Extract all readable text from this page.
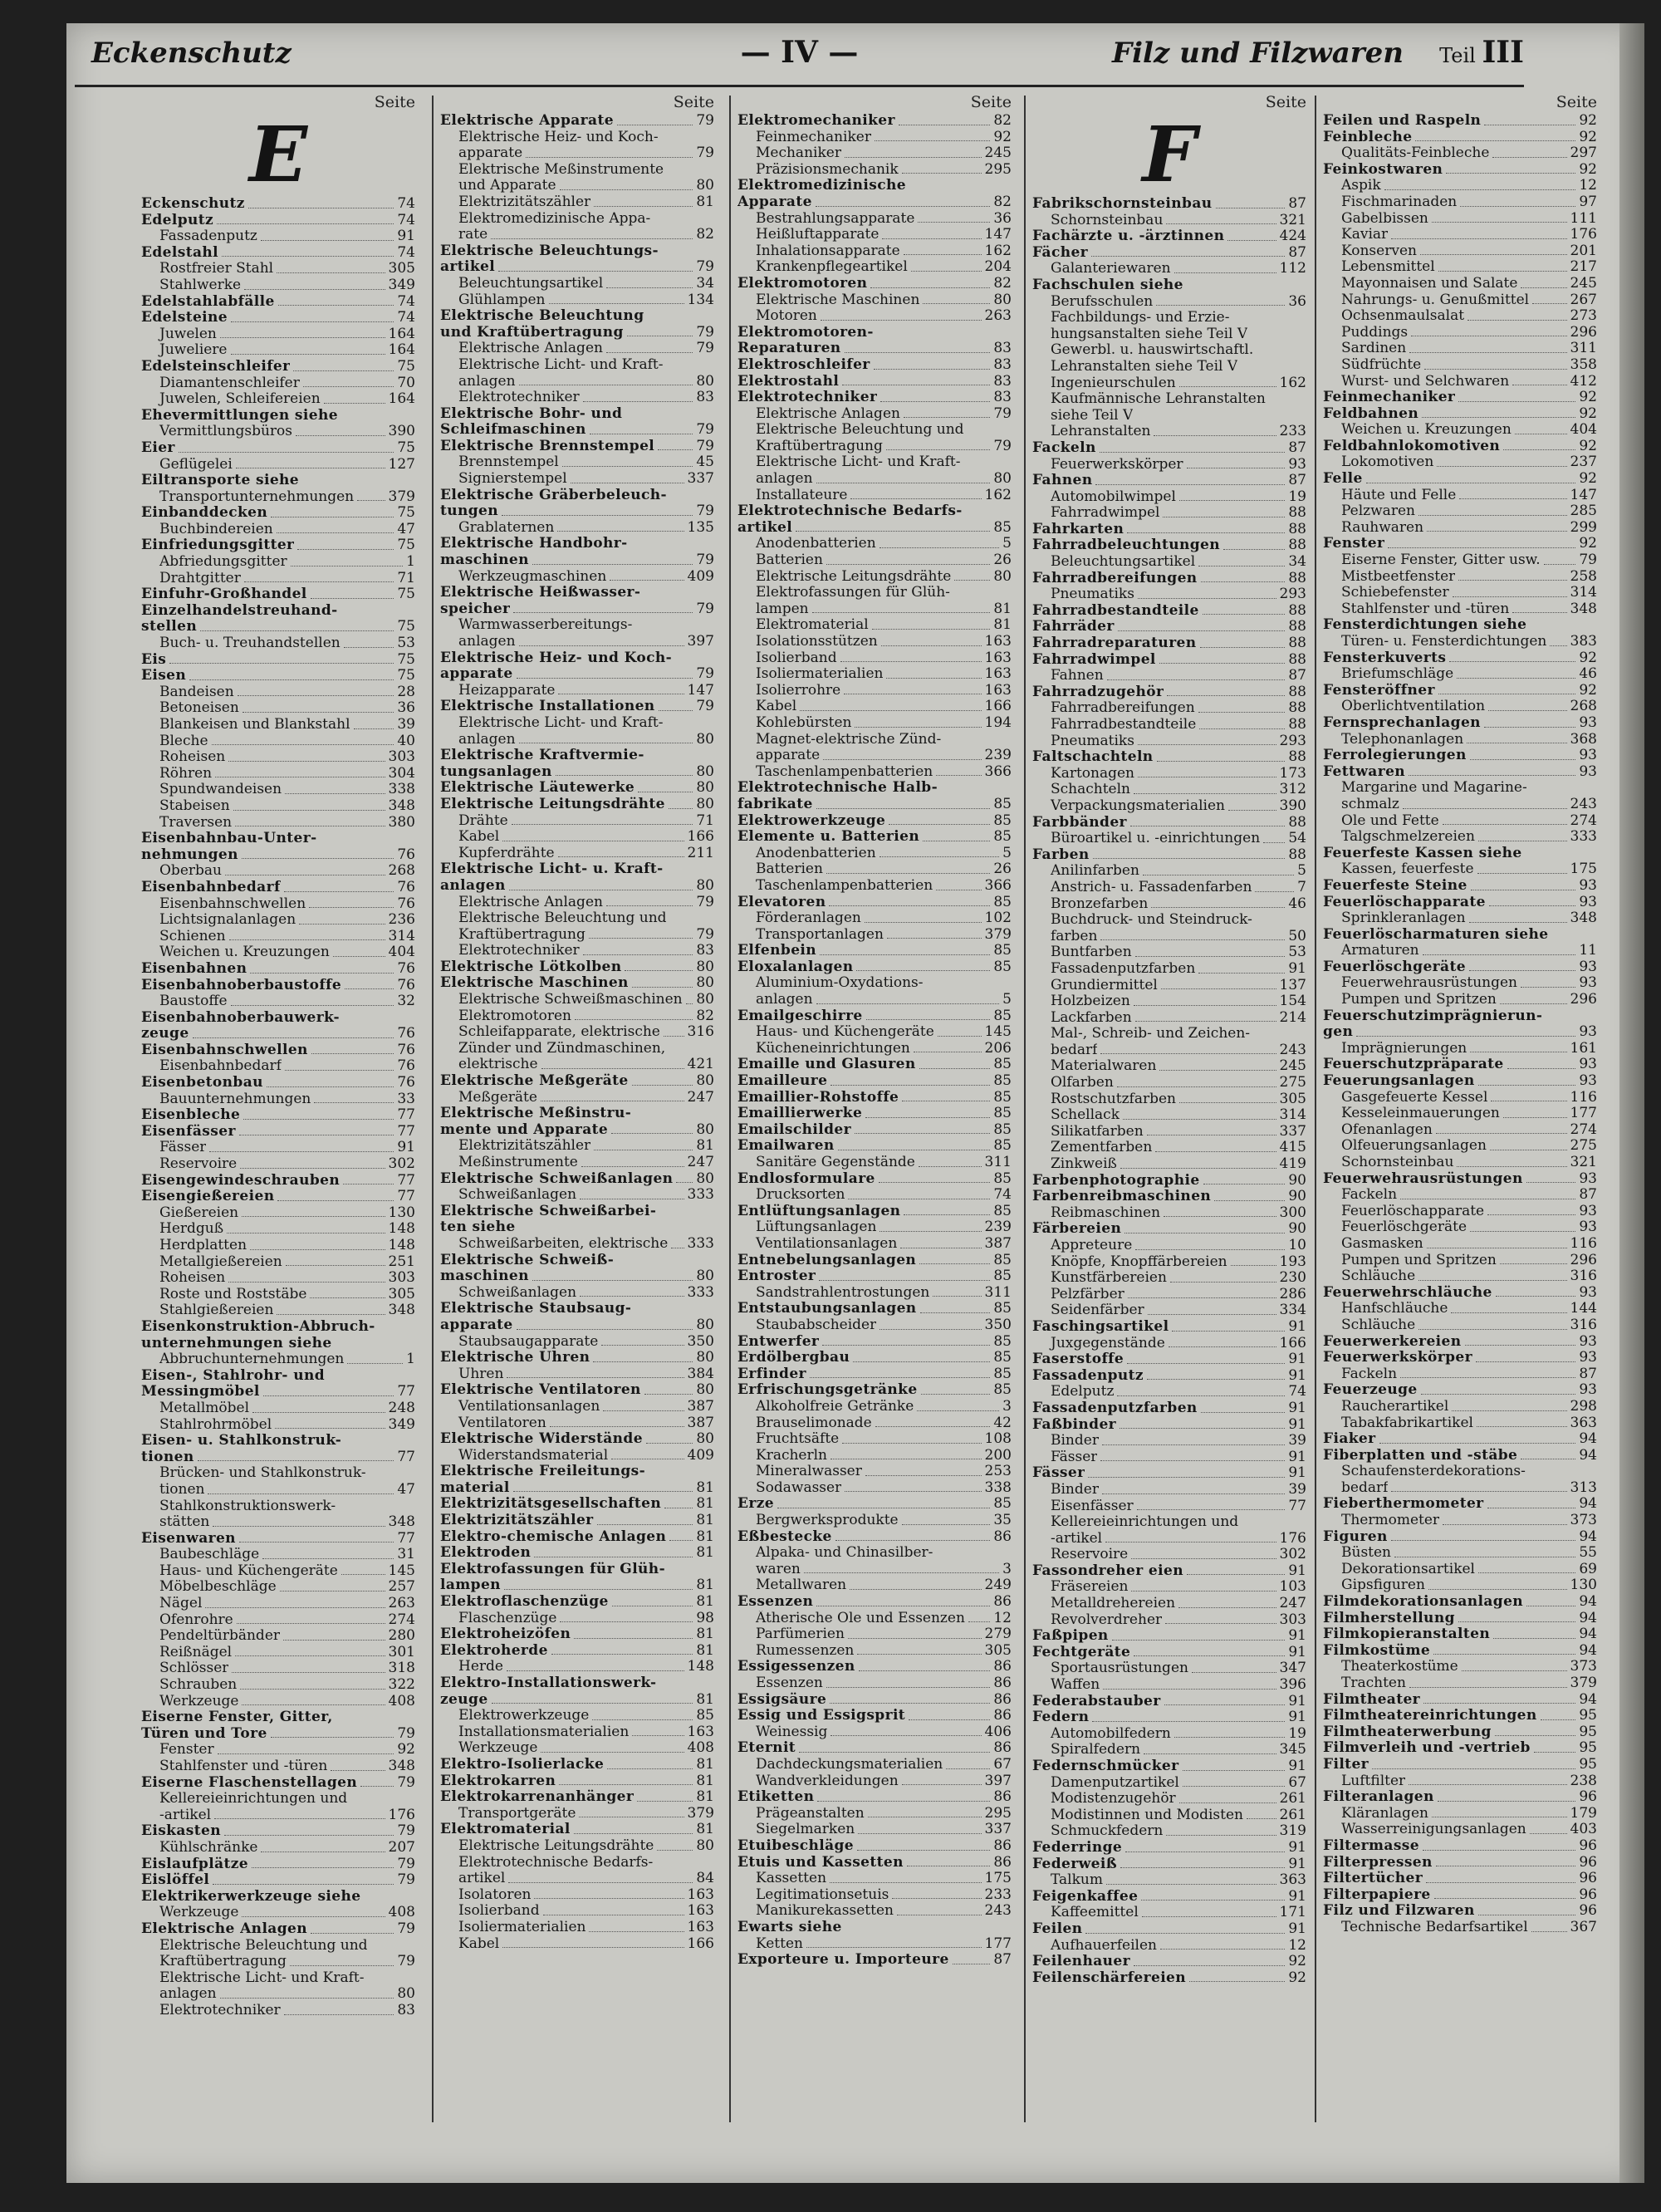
Eckenschutz	— IV —	Filz und Filzwaren Teil III
Seite
E
Eckenschutz	74
Edelputz	74
Fassadenputz	91
Edelstahl	74
Rostfreier Stahl	305
Stahlwerke	349
Edelstahlabfälle	74
Edelsteine	74
Juwelen	164
Juweliere	164
Edelsteinschleifer	75
Diamantenschleifer	70
Juwelen, Schleifereien	164
Ehevermittlungen siehe
Vermittlungsbüros	390
Eier	75
Geflügelei	127
Eiltransporte siehe
Transportunternehmungen 379
Einbanddecken	75
Buchbindereien	47
Einfriedungsgitter	75
Abfriedungsgitter	1
Drahtgitter	71
Einfuhr-Großhandel	75
Einzelhandelstreuhand-
stellen	75
Buch- u. Treuhandstellen	53
Eis	75
Eisen	75
Bandeisen	28
Betoneisen	36
Blankeisen und Blankstahl	39
Bleche	40
Roheisen	303
Röhren	304
Spundwandeisen	338
Stabeisen	348
Traversen	380
Eisenbahnbau-Unter-
nehmungen	76
Oberbau	268
Eisenbahnbedarf	76
Eisenbahnschwellen	76
Lichtsignalanlagen	236
Schienen	314
Weichen u. Kreuzungen	404
Eisenbahnen	76
Eisenbahnoberbaustoffe	76
Baustoffe	32
Eisenbahnoberbauwerk-
zeuge	76
Eisenbahnschwellen	76
Eisenbahnbedarf	76
Eisenbetonbau	76
Bauunternehmungen	33
Eisenbleche	77
Eisenfässer	77
Fässer	91
Reservoire	302
Eisengewindeschrauben	77
Eisengießereien	77
Gießereien	130
Herdguß	148
Herdplatten	148
Metallgießereien	251
Roheisen	303
Roste und Roststäbe	305
Stahlgießereien	348
Eisenkonstruktion-Abbruch-
unternehmungen siehe
Abbruchunternehmungen	1
Eisen-, Stahlrohr- und
Messingmöbel	77
Metallmöbel	248
Stahlrohrmöbel	349
Eisen- u. Stahlkonstruk-
tionen	77
Brücken- und Stahlkonstruk-
tionen	47
Stahlkonstruktionswerk-
stätten	348
Eisenwaren	77
Baubeschläge	31
Haus- und Küchengeräte	145
Möbelbeschläge	257
Nägel	263
Ofenrohre	274
Pendeltürbänder	280
Reißnägel	301
Schlösser	318
Schrauben	322
Werkzeuge	408
Eiserne Fenster, Gitter,
Türen und Tore	79
Fenster	92
Stahlfenster und -türen	348
Eiserne Flaschenstellagen	79
Kellereieinrichtungen und
-artikel	176
Eiskasten	79
Kühlschränke	207
Eislaufplätze	79
Eislöffel	79
Elektrikerwerkzeuge siehe
Werkzeuge	408
Elektrische Anlagen	79
Elektrische Beleuchtung und
Kraftübertragung	79
Elektrische Licht- und Kraft-
anlagen	80
Elektrotechniker	83
Seite
Elektrische Apparate	79
Elektrische Heiz- und Koch-
apparate	79
Elektrische Meßinstrumente
und Apparate	80
Elektrizitätszähler	81
Elektromedizinische Appa-
rate	82
Elektrische Beleuchtungs-
artikel	79
Beleuchtungsartikel	34
Glühlampen	134
Elektrische Beleuchtung
und Kraftübertragung	79
Elektrische Anlagen	79
Elektrische Licht- und Kraft-
anlagen	80
Elektrotechniker	83
Elektrische Bohr- und
Schleifmaschinen	79
Elektrische Brennstempel	79
Brennstempel	45
Signierstempel	337
Elektrische Gräberbeleuch-
tungen	79
Grablaternen	135
Elektrische Handbohr-
maschinen	79
Werkzeugmaschinen	409
Elektrische Heißwasser-
speicher	79
Warmwasserbereitungs-
anlagen	397
Elektrische Heiz- und Koch-
apparate	79
Heizapparate	147
Elektrische Installationen	79
Elektrische Licht- und Kraft-
anlagen	80
Elektrische Kraftvermie-
tungsanlagen	80
Elektrische Läutewerke	80
Elektrische Leitungsdrähte 80
Drähte	71
Kabel	166
Kupferdrähte	211
Elektrische Licht- u. Kraft-
anlagen	80
Elektrische Anlagen	79
Elektrische Beleuchtung und
Kraftübertragung	79
Elektrotechniker	83
Elektrische Lötkolben	80
Elektrische Maschinen	80
Elektrische Schweißmaschinen 80
Elektromotoren	82
Schleifapparate, elektrische 316
Zünder und Zündmaschinen,
elektrische	421
Elektrische Meßgeräte	80
Meßgeräte	247
Elektrische Meßinstru-
mente und Apparate	80
Elektrizitätszähler	81
Meßinstrumente	247
Elektrische Schweißanlagen 80
Schweißanlagen	333
Elektrische Schweißarbei-
ten siehe
Schweißarbeiten, elektrische 333
Elektrische Schweiß-
maschinen	80
Schweißanlagen	333
Elektrische Staubsaug-
apparate	80
Staubsaugapparate	350
Elektrische Uhren	80
Uhren	384
Elektrische Ventilatoren	80
Ventilationsanlagen	387
Ventilatoren	387
Elektrische Widerstände	80
Widerstandsmaterial	409
Elektrische Freileitungs-
material	81
Elektrizitätsgesellschaften 81
Elektrizitätszähler	81
Elektro-chemische Anlagen 81
Elektroden	81
Elektrofassungen für Glüh-
lampen	81
Elektroflaschenzüge	81
Flaschenzüge	98
Elektroheizöfen	81
Elektroherde	81
Herde	148
Elektro-Installationswerk-
zeuge	81
Elektrowerkzeuge	85
Installationsmaterialien	163
Werkzeuge	408
Elektro-Isolierlacke	81
Elektrokarren	81
Elektrokarrenanhänger	81
Transportgeräte	379
Elektromaterial	81
Elektrische Leitungsdrähte	80
Elektrotechnische Bedarfs-
artikel	84
Isolatoren	163
Isolierband	163
Isoliermaterialien	163
Kabel	166
Seite
Elektromechaniker	82
Feinmechaniker	92
Mechaniker	245
Präzisionsmechanik	295
Elektromedizinische
Apparate	82
Bestrahlungsapparate	36
Heißluftapparate	147
Inhalationsapparate	162
Krankenpflegeartikel	204
Elektromotoren	82
Elektrische Maschinen	80
Motoren	263
Elektromotoren-
Reparaturen	83
Elektroschleifer	83
Elektrostahl	83
Elektrotechniker	83
Elektrische Anlagen	79
Elektrische Beleuchtung und
Kraftübertragung	79
Elektrische Licht- und Kraft-
anlagen	80
Installateure	162
Elektrotechnische Bedarfs-
artikel	85
Anodenbatterien	5
Batterien	26
Elektrische Leitungsdrähte	80
Elektrofassungen für Glüh-
lampen	81
Elektromaterial	81
Isolationsstützen	163
Isolierband	163
Isoliermaterialien	163
Isolierrohre	163
Kabel	166
Kohlebürsten	194
Magnet-elektrische Zünd-
apparate	239
Taschenlampenbatterien	366
Elektrotechnische Halb-
fabrikate	85
Elektrowerkzeuge	85
Elemente u. Batterien	85
Anodenbatterien	5
Batterien	26
Taschenlampenbatterien	366
Elevatoren	85
Förderanlagen	102
Transportanlagen	379
Elfenbein	85
Eloxalanlagen	85
Aluminium-Oxydations-
anlagen	5
Emailgeschirre	85
Haus- und Küchengeräte	145
Kücheneinrichtungen	206
Emaille und Glasuren	85
Emailleure	85
Emaillier-Rohstoffe	85
Emaillierwerke	85
Emailschilder	85
Emailwaren	85
Sanitäre Gegenstände	311
Endlosformulare	85
Drucksorten	74
Entlüftungsanlagen	85
Lüftungsanlagen	239
Ventilationsanlagen	387
Entnebelungsanlagen	85
Entroster	85
Sandstrahlentrostungen	311
Entstaubungsanlagen	85
Staubabscheider	350
Entwerfer	85
Erdölbergbau	85
Erfinder	85
Erfrischungsgetränke	85
Alkoholfreie Getränke	3
Brauselimonade	42
Fruchtsäfte	108
Kracherln	200
Mineralwasser	253
Sodawasser	338
Erze	85
Bergwerksprodukte	35
Eßbestecke	86
Alpaka- und Chinasilber-
waren	3
Metallwaren	249
Essenzen	86
Ätherische Öle und Essenzen 12
Parfümerien	279
Rumessenzen	305
Essigessenzen	86
Essenzen	86
Essigsäure	86
Essig und Essigsprit	86
Weinessig	406
Eternit	86
Dachdeckungsmaterialien	67
Wandverkleidungen	397
Etiketten	86
Prägeanstalten	295
Siegelmarken	337
Etuibeschläge	86
Etuis und Kassetten	86
Kassetten	175
Legitimationsetuis	233
Manikurekassetten	243
Ewarts siehe
Ketten	177
Exporteure u. Importeure	87
Seite
F
Fabrikschornsteinbau	87
Schornsteinbau	321
Fachärzte u. -ärztinnen	424
Fächer	87
Galanteriewaren	112
Fachschulen siehe
Berufsschulen	36
Fachbildungs- und Erzie-
hungsanstalten siehe Teil V
Gewerbl. u. hauswirtschaftl.
Lehranstalten siehe Teil V
Ingenieurschulen	162
Kaufmännische Lehranstalten
siehe Teil V
Lehranstalten	233
Fackeln	87
Feuerwerkskörper	93
Fahnen	87
Automobilwimpel	19
Fahrradwimpel	88
Fahrkarten	88
Fahrradbeleuchtungen	88
Beleuchtungsartikel	34
Fahrradbereifungen	88
Pneumatiks	293
Fahrradbestandteile	88
Fahrräder	88
Fahrradreparaturen	88
Fahrradwimpel	88
Fahnen	87
Fahrradzugehör	88
Fahrradbereifungen	88
Fahrradbestandteile	88
Pneumatiks	293
Faltschachteln	88
Kartonagen	173
Schachteln	312
Verpackungsmaterialien	390
Farbbänder	88
Büroartikel u. -einrichtungen 54
Farben	88
Anilinfarben	5
Anstrich- u. Fassadenfarben	7
Bronzefarben	46
Buchdruck- und Steindruck-
farben	50
Buntfarben	53
Fassadenputzfarben	91
Grundiermittel	137
Holzbeizen	154
Lackfarben	214
Mal-, Schreib- und Zeichen-
bedarf	243
Materialwaren	245
Ölfarben	275
Rostschutzfarben	305
Schellack	314
Silikatfarben	337
Zementfarben	415
Zinkweiß	419
Farbenphotographie	90
Farbenreibmaschinen	90
Reibmaschinen	300
Färbereien	90
Appreteure	10
Knöpfe, Knopffärbereien	193
Kunstfärbereien	230
Pelzfärber	286
Seidenfärber	334
Faschingsartikel	91
Juxgegenstände	166
Faserstoffe	91
Fassadenputz	91
Edelputz	74
Fassadenputzfarben	91
Faßbinder	91
Binder	39
Fässer	91
Fässer	91
Binder	39
Eisenfässer	77
Kellereieinrichtungen und
-artikel	176
Reservoire	302
Fassondreher eien	91
Fräsereien	103
Metalldrehereien	247
Revolverdreher	303
Faßpipen	91
Fechtgeräte	91
Sportausrüstungen	347
Waffen	396
Federabstauber	91
Federn	91
Automobilfedern	19
Spiralfedern	345
Federnschmücker	91
Damenputzartikel	67
Modistenzugehör	261
Modistinnen und Modisten	261
Schmuckfedern	319
Federringe	91
Federweiß	91
Talkum	363
Feigenkaffee	91
Kaffeemittel	171
Feilen	91
Aufhauerfeilen	12
Feilenhauer	92
Feilenschärfereien	92
Seite
Feilen und Raspeln	92
Feinbleche	92
Qualitäts-Feinbleche	297
Feinkostwaren	92
Aspik	12
Fischmarinaden	97
Gabelbissen	111
Kaviar	176
Konserven	201
Lebensmittel	217
Mayonnaisen und Salate	245
Nahrungs- u. Genußmittel	267
Ochsenmaulsalat	273
Puddings	296
Sardinen	311
Südfrüchte	358
Wurst- und Selchwaren	412
Feinmechaniker	92
Feldbahnen	92
Weichen u. Kreuzungen	404
Feldbahnlokomotiven	92
Lokomotiven	237
Felle	92
Häute und Felle	147
Pelzwaren	285
Rauhwaren	299
Fenster	92
Eiserne Fenster, Gitter usw.	79
Mistbeetfenster	258
Schiebefenster	314
Stahlfenster und -türen	348
Fensterdichtungen siehe
Türen- u. Fensterdichtungen 383
Fensterkuverts	92
Briefumschläge	46
Fensteröffner	92
Oberlichtventilation	268
Fernsprechanlagen	93
Telephonanlagen	368
Ferrolegierungen	93
Fettwaren	93
Margarine und Magarine-
schmalz	243
Öle und Fette	274
Talgschmelzereien	333
Feuerfeste Kassen siehe
Kassen, feuerfeste	175
Feuerfeste Steine	93
Feuerlöschapparate	93
Sprinkleranlagen	348
Feuerlöscharmaturen siehe
Armaturen	11
Feuerlöschgeräte	93
Feuerwehrausrüstungen	93
Pumpen und Spritzen	296
Feuerschutzimprägnierun-
gen	93
Imprägnierungen	161
Feuerschutzpräparate	93
Feuerungsanlagen	93
Gasgefeuerte Kessel	116
Kesseleinmauerungen	177
Ofenanlagen	274
Ölfeuerungsanlagen	275
Schornsteinbau	321
Feuerwehrausrüstungen	93
Fackeln	87
Feuerlöschapparate	93
Feuerlöschgeräte	93
Gasmasken	116
Pumpen und Spritzen	296
Schläuche	316
Feuerwehrschläuche	93
Hanfschläuche	144
Schläuche	316
Feuerwerkereien	93
Feuerwerkskörper	93
Fackeln	87
Feuerzeuge	93
Raucherartikel	298
Tabakfabrikartikel	363
Fiaker	94
Fiberplatten und -stäbe	94
Schaufensterdekorations-
bedarf	313
Fieberthermometer	94
Thermometer	373
Figuren	94
Büsten	55
Dekorationsartikel	69
Gipsfiguren	130
Filmdekorationsanlagen	94
Filmherstellung	94
Filmkopieranstalten	94
Filmkostüme	94
Theaterkostüme	373
Trachten	379
Filmtheater	94
Filmtheatereinrichtungen	95
Filmtheaterwerbung	95
Filmverleih und -vertrieb	95
Filter	95
Luftfilter	238
Filteranlagen	96
Kläranlagen	179
Wasserreinigungsanlagen	403
Filtermasse	96
Filterpressen	96
Filtertücher	96
Filterpapiere	96
Filz und Filzwaren	96
Technische Bedarfsartikel	367
